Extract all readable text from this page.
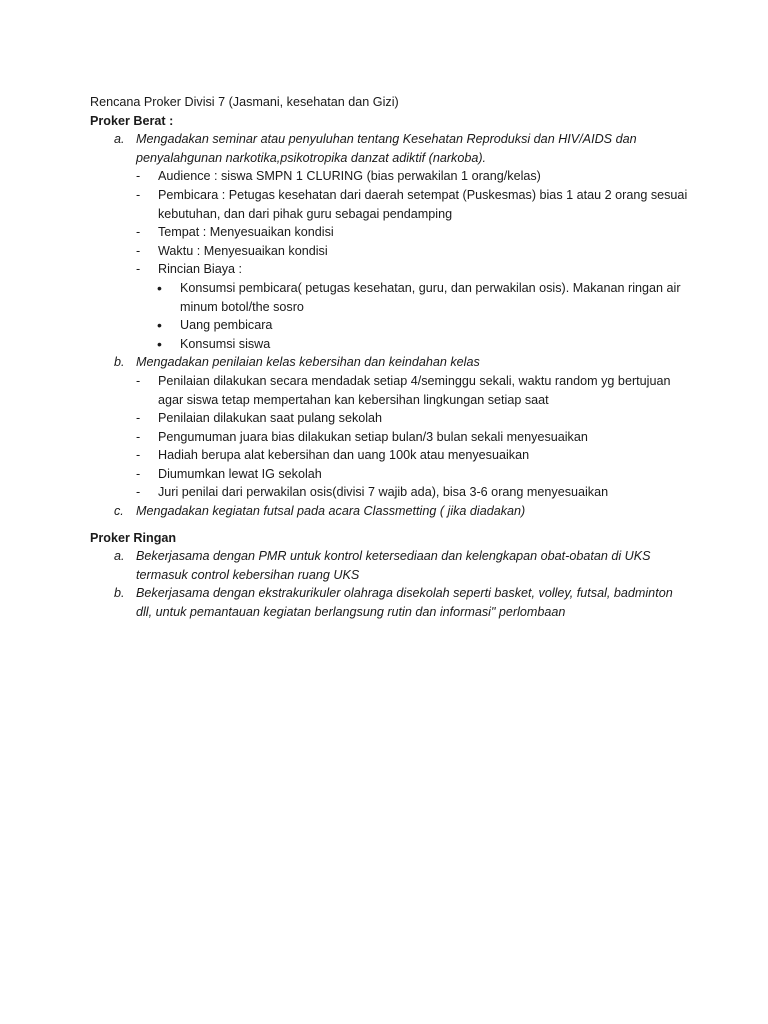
Rencana Proker Divisi 7 (Jasmani, kesehatan dan Gizi)

Proker Berat :

a. Mengadakan seminar atau penyuluhan tentang Kesehatan Reproduksi dan HIV/AIDS dan penyalahgunan narkotika,psikotropika danzat adiktif (narkoba).
- Audience : siswa SMPN 1 CLURING (bias perwakilan 1 orang/kelas)
- Pembicara : Petugas kesehatan dari daerah setempat (Puskesmas) bias 1 atau 2 orang sesuai kebutuhan, dan dari pihak guru sebagai pendamping
- Tempat : Menyesuaikan kondisi
- Waktu : Menyesuaikan kondisi
- Rincian Biaya :
• Konsumsi pembicara( petugas kesehatan, guru, dan perwakilan osis). Makanan ringan air minum botol/the sosro
• Uang pembicara
• Konsumsi siswa
b. Mengadakan penilaian kelas kebersihan dan keindahan kelas
- Penilaian dilakukan secara mendadak setiap 4/seminggu sekali, waktu random yg bertujuan agar siswa tetap mempertahan kan kebersihan lingkungan setiap saat
- Penilaian dilakukan saat pulang sekolah
- Pengumuman juara bias dilakukan setiap bulan/3 bulan sekali menyesuaikan
- Hadiah berupa alat kebersihan dan uang 100k atau menyesuaikan
- Diumumkan lewat IG sekolah
- Juri penilai dari perwakilan osis(divisi 7 wajib ada), bisa 3-6 orang menyesuaikan
c. Mengadakan kegiatan futsal pada acara Classmetting ( jika diadakan)

Proker Ringan

a. Bekerjasama dengan PMR untuk kontrol ketersediaan dan kelengkapan obat-obatan di UKS termasuk control kebersihan ruang UKS
b. Bekerjasama dengan ekstrakurikuler olahraga disekolah seperti basket, volley, futsal, badminton dll, untuk pemantauan kegiatan berlangsung rutin dan informasi" perlombaan
